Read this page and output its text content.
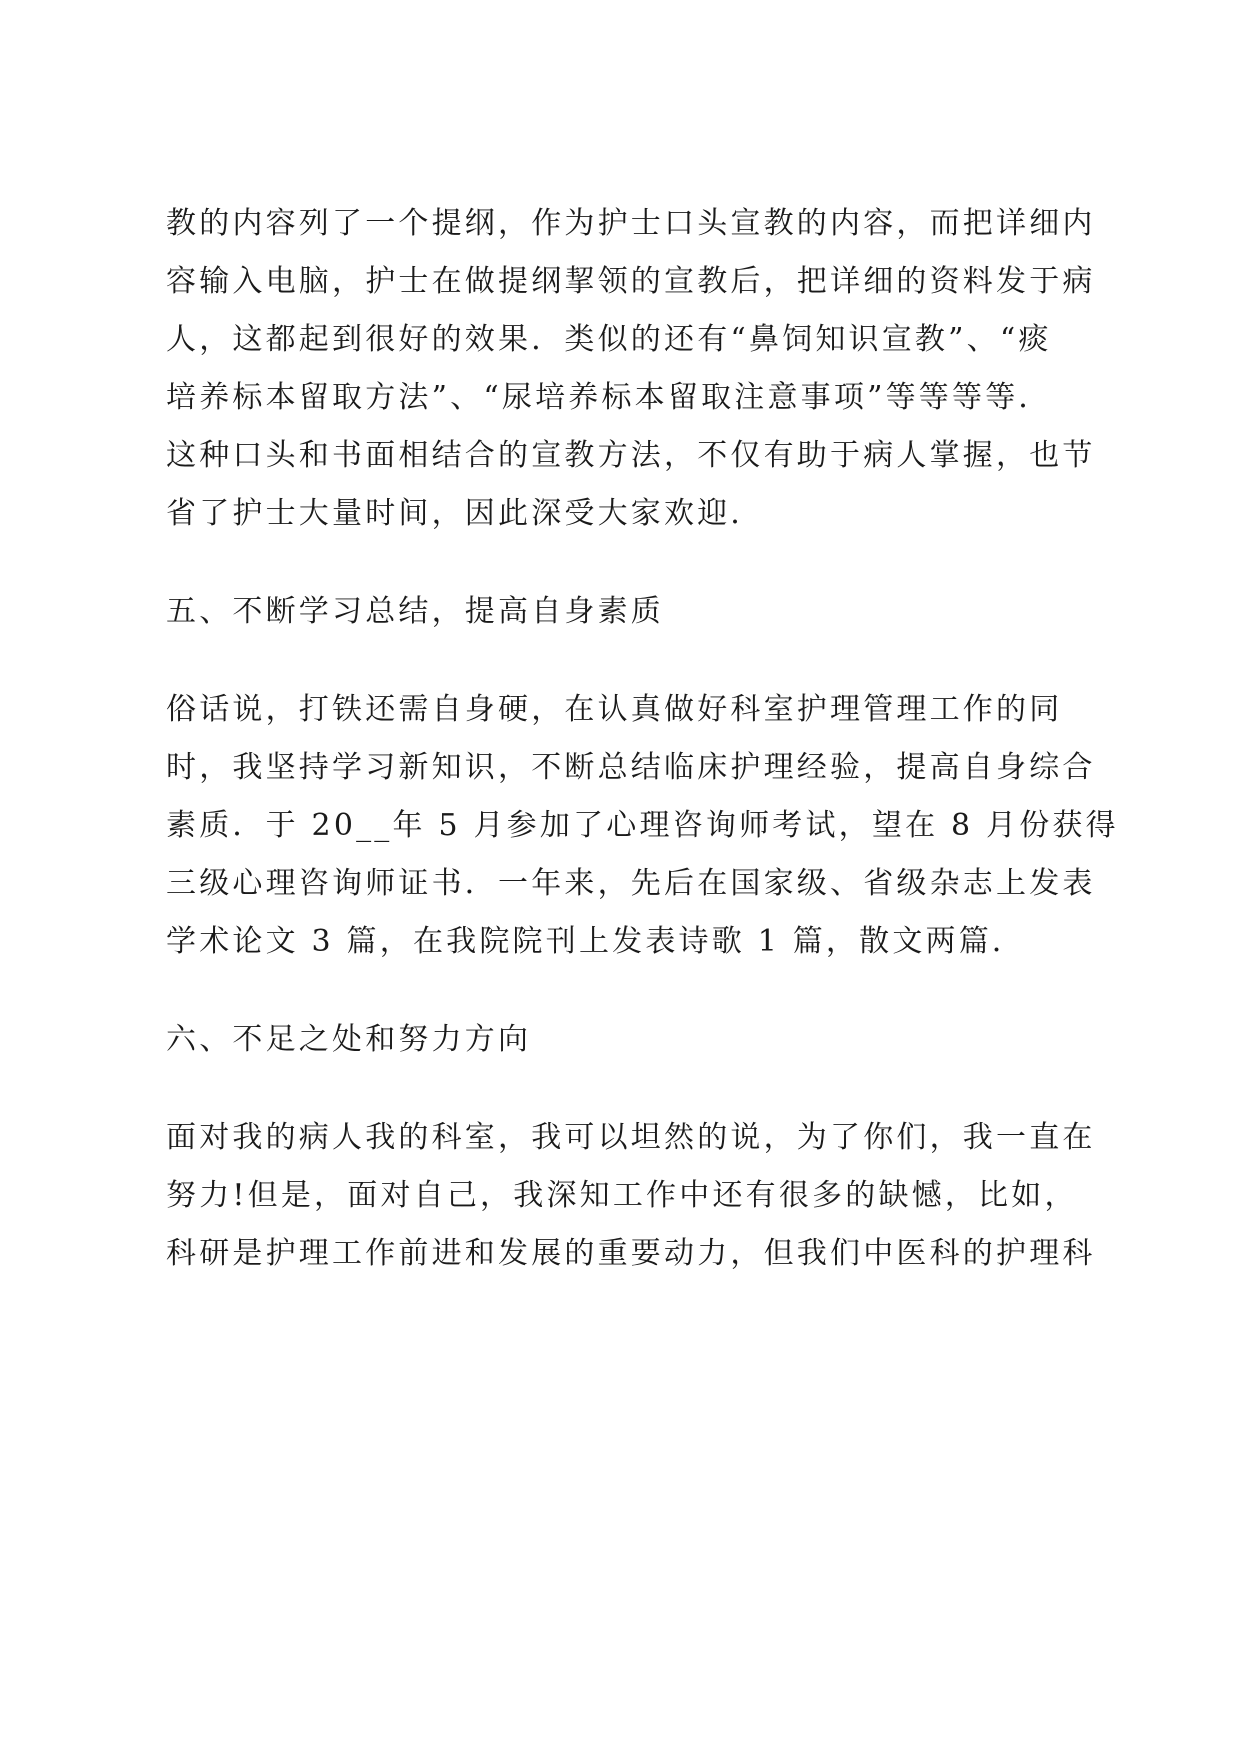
教的内容列了一个提纲，作为护士口头宣教的内容，而把详细内

容输入电脑，护士在做提纲挈领的宣教后，把详细的资料发于病

人，这都起到很好的效果．类似的还有“鼻饲知识宣教”、“痰

培养标本留取方法”、“尿培养标本留取注意事项”等等等等．

这种口头和书面相结合的宣教方法，不仅有助于病人掌握，也节

省了护士大量时间，因此深受大家欢迎．

五、不断学习总结，提高自身素质

俗话说，打铁还需自身硬，在认真做好科室护理管理工作的同

时，我坚持学习新知识，不断总结临床护理经验，提高自身综合

素质．于 20__年 5 月参加了心理咨询师考试，望在 8 月份获得

三级心理咨询师证书．一年来，先后在国家级、省级杂志上发表

学术论文 3 篇，在我院院刊上发表诗歌 1 篇，散文两篇．

六、不足之处和努力方向

面对我的病人我的科室，我可以坦然的说，为了你们，我一直在

努力!但是，面对自己，我深知工作中还有很多的缺憾，比如，

科研是护理工作前进和发展的重要动力，但我们中医科的护理科
